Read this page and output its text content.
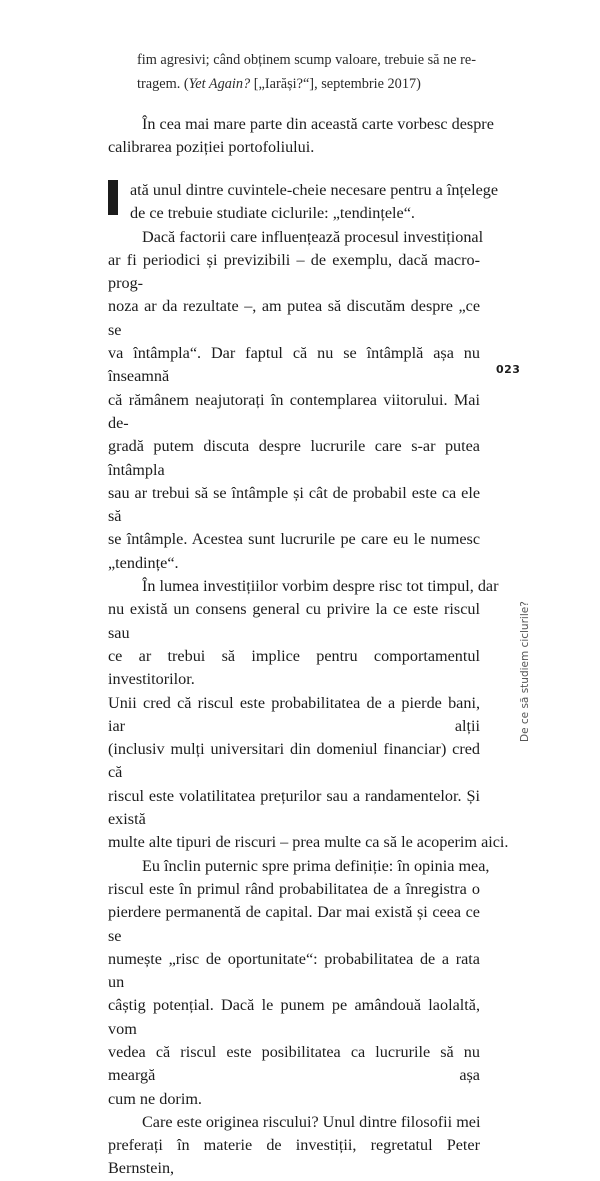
fim agresivi; când obținem scump valoare, trebuie să ne re-
tragem. (Yet Again? [„Iarăși?“], septembrie 2017)
În cea mai mare parte din această carte vorbesc despre
calibrarea poziției portofoliului.
ată unul dintre cuvintele-cheie necesare pentru a înțelege
de ce trebuie studiate ciclurile: „tendințele“.
Dacă factorii care influențează procesul investițional
ar fi periodici și previzibili – de exemplu, dacă macro-prog-
noza ar da rezultate –, am putea să discutăm despre „ce se
va întâmpla“. Dar faptul că nu se întâmplă așa nu înseamnă
că rămânem neajutorați în contemplarea viitorului. Mai de-
gradă putem discuta despre lucrurile care s-ar putea întâmpla
sau ar trebui să se întâmple și cât de probabil este ca ele să
se întâmple. Acestea sunt lucrurile pe care eu le numesc
„tendințe“.
În lumea investițiilor vorbim despre risc tot timpul, dar
nu există un consens general cu privire la ce este riscul sau
ce ar trebui să implice pentru comportamentul investitorilor.
Unii cred că riscul este probabilitatea de a pierde bani, iar alții
(inclusiv mulți universitari din domeniul financiar) cred că
riscul este volatilitatea prețurilor sau a randamentelor. Și există
multe alte tipuri de riscuri – prea multe ca să le acoperim aici.
Eu înclin puternic spre prima definiție: în opinia mea,
riscul este în primul rând probabilitatea de a înregistra o
pierdere permanentă de capital. Dar mai există și ceea ce se
numește „risc de oportunitate“: probabilitatea de a rata un
câștig potențial. Dacă le punem pe amândouă laolaltă, vom
vedea că riscul este posibilitatea ca lucrurile să nu meargă așa
cum ne dorim.
Care este originea riscului? Unul dintre filosofii mei
preferați în materie de investiții, regretatul Peter Bernstein,
023
De ce să studiem ciclurile?
